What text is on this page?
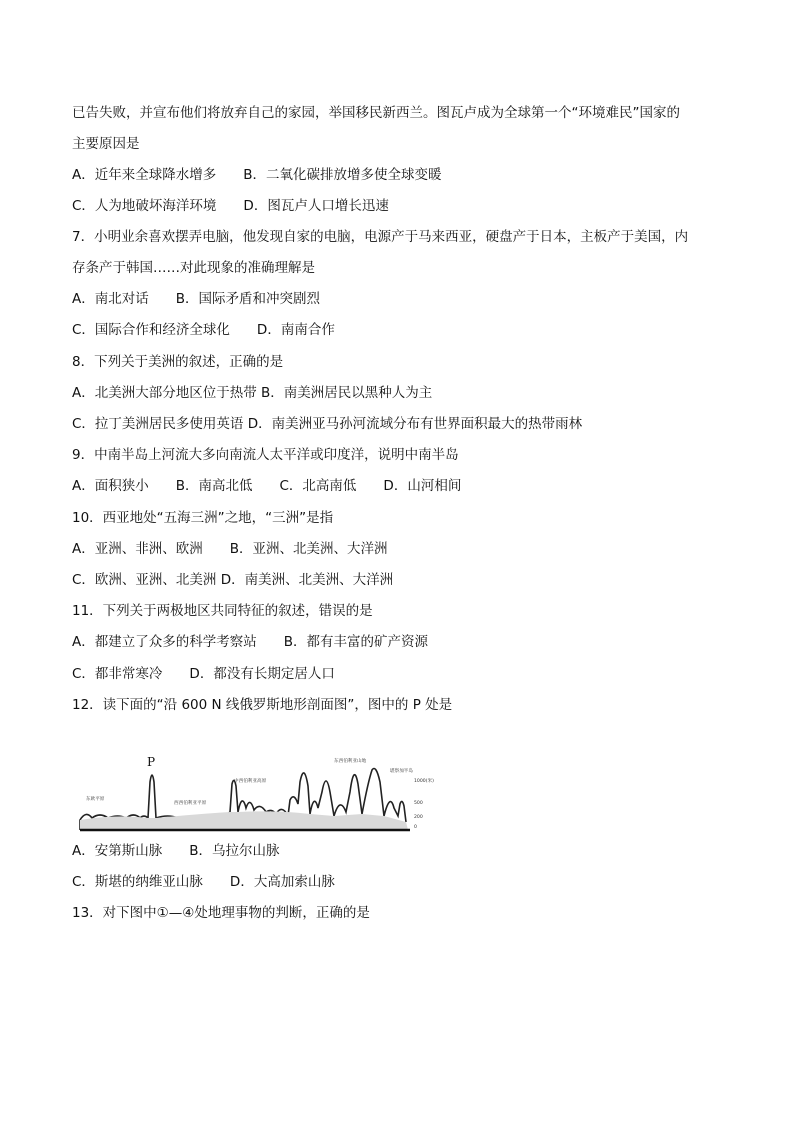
已告失败，并宣布他们将放弃自己的家园，举国移民新西兰。图瓦卢成为全球第一个“环境难民”国家的
主要原因是
A．近年来全球降水增多　　B．二氧化碳排放增多使全球变暖
C．人为地破坏海洋环境　　D．图瓦卢人口增长迅速
7．小明业余喜欢摆弄电脑，他发现自家的电脑，电源产于马来西亚，硬盘产于日本，主板产于美国，内
存条产于韩国……对此现象的准确理解是
A．南北对话　　B．国际矛盾和冲突剧烈
C．国际合作和经济全球化　　D．南南合作
8．下列关于美洲的叙述，正确的是
A．北美洲大部分地区位于热带 B．南美洲居民以黑种人为主
C．拉丁美洲居民多使用英语 D．南美洲亚马孙河流域分布有世界面积最大的热带雨林
9．中南半岛上河流大多向南流人太平洋或印度洋，说明中南半岛
A．面积狭小　　B．南高北低　　C．北高南低　　D．山河相间
10．西亚地处“五海三洲”之地，“三洲”是指
A．亚洲、非洲、欧洲　　B．亚洲、北美洲、大洋洲
C．欧洲、亚洲、北美洲 D．南美洲、北美洲、大洋洲
11．下列关于两极地区共同特征的叙述，错误的是
A．都建立了众多的科学考察站　　B．都有丰富的矿产资源
C．都非常寒冷　　D．都没有长期定居人口
12．读下面的“沿 600 N 线俄罗斯地形剖面图”，图中的 P 处是
P
东欧平原
西西伯利亚平原
中西伯利亚高原
东西伯利亚山地
堪察加半岛
1000(米)
500
200
0
A．安第斯山脉　　B．乌拉尔山脉
C．斯堪的纳维亚山脉　　D．大高加索山脉
13．对下图中①—④处地理事物的判断，正确的是
